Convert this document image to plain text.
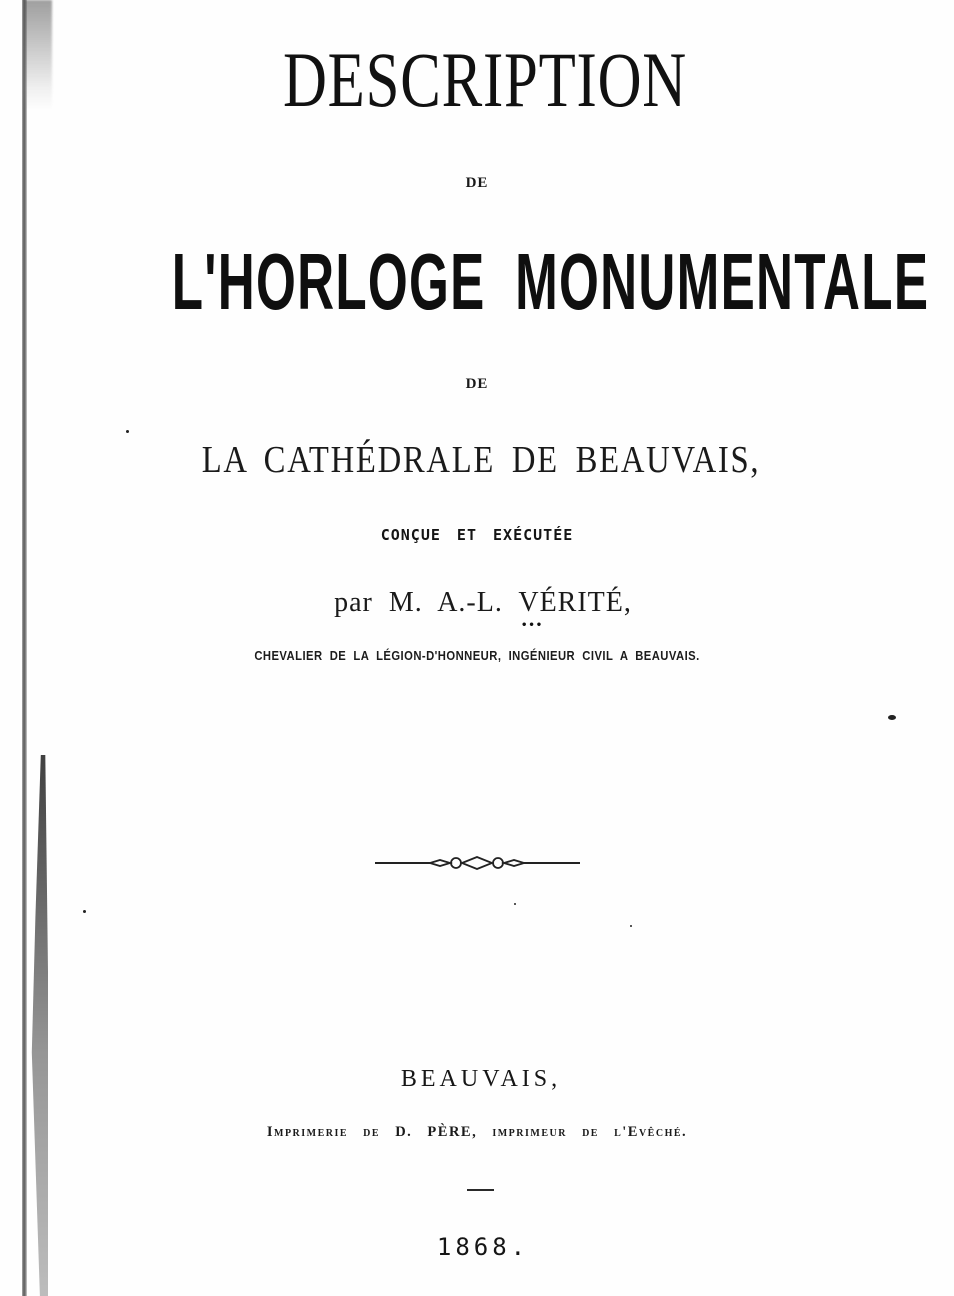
DESCRIPTION
DE
L'HORLOGE MONUMENTALE
DE
LA CATHÉDRALE DE BEAUVAIS,
CONÇUE ET EXÉCUTÉE
par M. A.-L. VÉRITÉ,
•••
CHEVALIER DE LA LÉGION-D'HONNEUR, INGÉNIEUR CIVIL A BEAUVAIS.
BEAUVAIS,
Imprimerie de D. PÈRE, imprimeur de l'Evêché.
1868.
